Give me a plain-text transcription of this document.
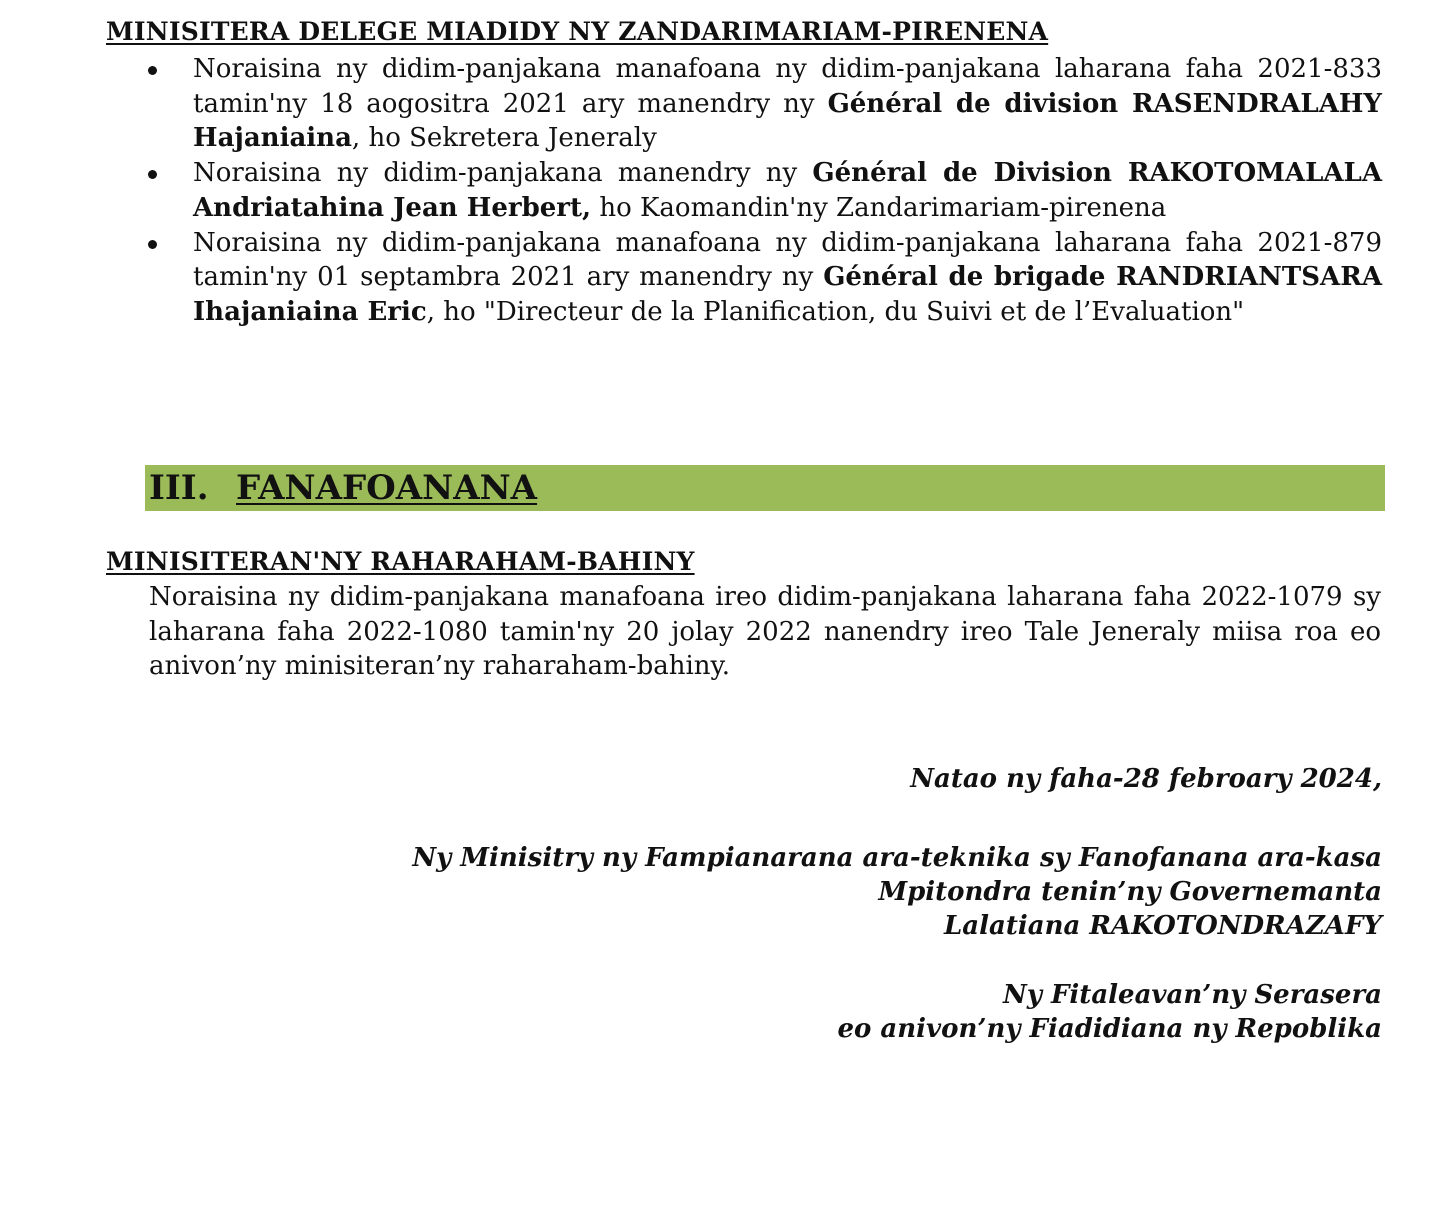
MINISITERA DELEGE MIADIDY NY ZANDARIMARIAM-PIRENENA
Noraisina ny didim-panjakana manafoana ny didim-panjakana laharana faha 2021-833 tamin'ny 18 aogositra 2021 ary manendry ny Général de division RASENDRALAHY Hajaniaina, ho Sekretera Jeneraly
Noraisina ny didim-panjakana manendry ny Général de Division RAKOTOMALALA Andriatahina Jean Herbert, ho Kaomandin'ny Zandarimariam-pirenena
Noraisina ny didim-panjakana manafoana ny didim-panjakana laharana faha 2021-879 tamin'ny 01 septambra 2021 ary manendry ny Général de brigade RANDRIANTSARA Ihajaniaina Eric, ho "Directeur de la Planification, du Suivi et de l’Evaluation"
III. FANAFOANANA
MINISITERAN'NY RAHARAHAM-BAHINY

Noraisina ny didim-panjakana manafoana ireo didim-panjakana laharana faha 2022-1079 sy laharana faha 2022-1080 tamin'ny 20 jolay 2022 nanendry ireo Tale Jeneraly miisa roa eo anivon’ny minisiteran’ny raharaham-bahiny.

Natao ny faha-28 febroary 2024,
Ny Minisitry ny Fampianarana ara-teknika sy Fanofanana ara-kasa
Mpitondra tenin’ny Governemanta
Lalatiana RAKOTONDRAZAFY
Ny Fitaleavan’ny Serasera
eo anivon’ny Fiadidiana ny Repoblika
